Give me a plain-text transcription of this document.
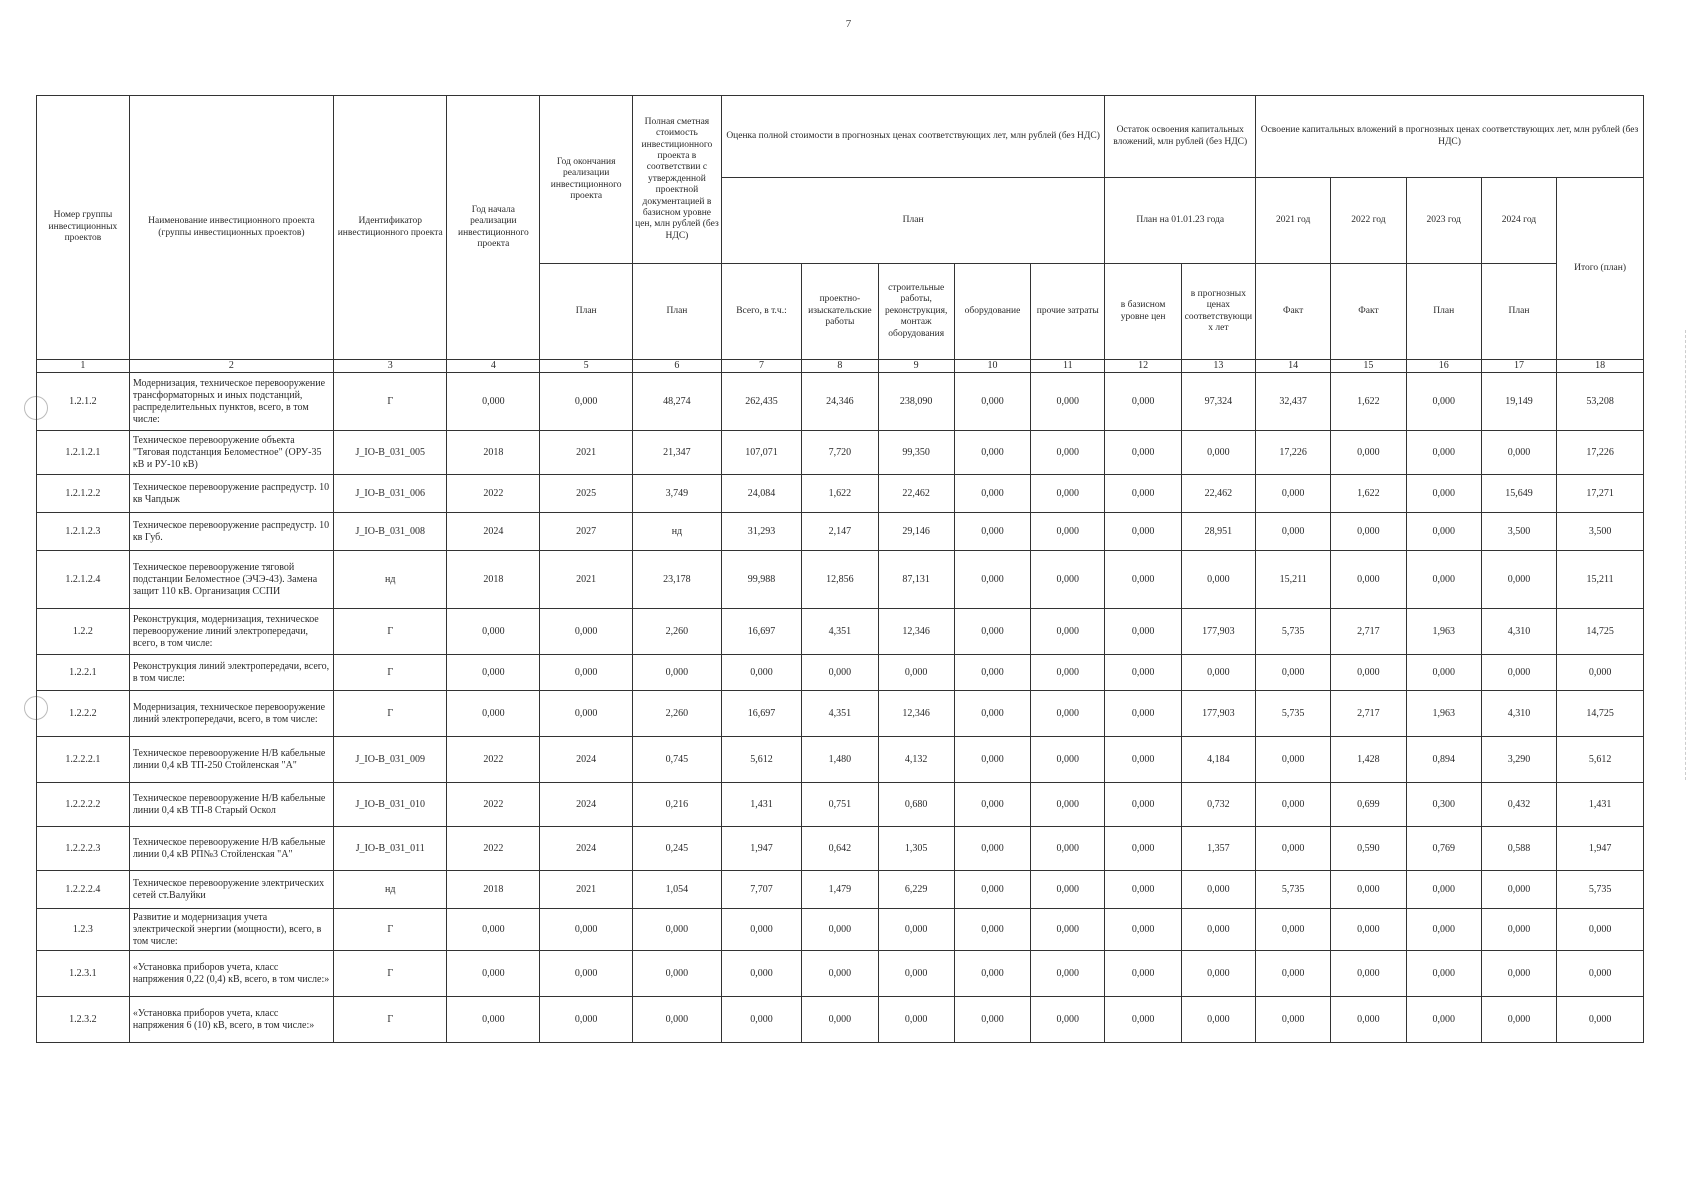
7
Номер группы инвестиционных проектов	Наименование инвестиционного проекта (группы инвестиционных проектов)	Идентификатор инвестиционного проекта	Год начала реализации инвестиционного проекта	Год окончания реализации инвестиционного проекта	Полная сметная стоимость инвестиционного проекта в соответствии с утвержденной проектной документацией в базисном уровне цен, млн рублей (без НДС)	Оценка полной стоимости в прогнозных ценах соответствующих лет, млн рублей (без НДС)					Остаток освоения капитальных вложений, млн рублей (без НДС)		Освоение капитальных вложений в прогнозных ценах соответствующих лет, млн рублей (без НДС)				
						План					План на 01.01.23 года		2021 год	2022 год	2023 год	2024 год	Итого (план)
				План	План	Всего, в т.ч.:	проектно-изыскательские работы	строительные работы, реконструкция, монтаж оборудования	оборудование	прочие затраты	в базисном уровне цен	в прогнозных ценах соответствующих лет	Факт	Факт	План	План	
1	2	3	4	5	6	7	8	9	10	11	12	13	14	15	16	17	18
1.2.1.2	Модернизация, техническое перевооружение трансформаторных и иных подстанций, распределительных пунктов, всего, в том числе:	Г	0,000	0,000	48,274	262,435	24,346	238,090	0,000	0,000	0,000	97,324	32,437	1,622	0,000	19,149	53,208
1.2.1.2.1	Техническое перевооружение объекта "Тяговая подстанция Беломестное" (ОРУ-35 кВ и РУ-10 кВ)	J_IO-B_031_005	2018	2021	21,347	107,071	7,720	99,350	0,000	0,000	0,000	0,000	17,226	0,000	0,000	0,000	17,226
1.2.1.2.2	Техническое перевооружение распредустр. 10 кв Чапдыж	J_IO-B_031_006	2022	2025	3,749	24,084	1,622	22,462	0,000	0,000	0,000	22,462	0,000	1,622	0,000	15,649	17,271
1.2.1.2.3	Техническое перевооружение распредустр. 10 кв Губ.	J_IO-B_031_008	2024	2027	нд	31,293	2,147	29,146	0,000	0,000	0,000	28,951	0,000	0,000	0,000	3,500	3,500
1.2.1.2.4	Техническое перевооружение тяговой подстанции Беломестное (ЭЧЭ-43). Замена защит 110 кВ. Организация ССПИ	нд	2018	2021	23,178	99,988	12,856	87,131	0,000	0,000	0,000	0,000	15,211	0,000	0,000	0,000	15,211
1.2.2	Реконструкция, модернизация, техническое перевооружение линий электропередачи, всего, в том числе:	Г	0,000	0,000	2,260	16,697	4,351	12,346	0,000	0,000	0,000	177,903	5,735	2,717	1,963	4,310	14,725
1.2.2.1	Реконструкция линий электропередачи, всего, в том числе:	Г	0,000	0,000	0,000	0,000	0,000	0,000	0,000	0,000	0,000	0,000	0,000	0,000	0,000	0,000	0,000
1.2.2.2	Модернизация, техническое перевооружение линий электропередачи, всего, в том числе:	Г	0,000	0,000	2,260	16,697	4,351	12,346	0,000	0,000	0,000	177,903	5,735	2,717	1,963	4,310	14,725
1.2.2.2.1	Техническое перевооружение Н/В кабельные линии 0,4 кВ ТП-250 Стойленская "А"	J_IO-B_031_009	2022	2024	0,745	5,612	1,480	4,132	0,000	0,000	0,000	4,184	0,000	1,428	0,894	3,290	5,612
1.2.2.2.2	Техническое перевооружение Н/В кабельные линии 0,4 кВ ТП-8 Старый Оскол	J_IO-B_031_010	2022	2024	0,216	1,431	0,751	0,680	0,000	0,000	0,000	0,732	0,000	0,699	0,300	0,432	1,431
1.2.2.2.3	Техническое перевооружение Н/В кабельные линии 0,4 кВ РП№3 Стойленская "А"	J_IO-B_031_011	2022	2024	0,245	1,947	0,642	1,305	0,000	0,000	0,000	1,357	0,000	0,590	0,769	0,588	1,947
1.2.2.2.4	Техническое перевооружение электрических сетей ст.Валуйки	нд	2018	2021	1,054	7,707	1,479	6,229	0,000	0,000	0,000	0,000	5,735	0,000	0,000	0,000	5,735
1.2.3	Развитие и модернизация учета электрической энергии (мощности), всего, в том числе:	Г	0,000	0,000	0,000	0,000	0,000	0,000	0,000	0,000	0,000	0,000	0,000	0,000	0,000	0,000	0,000
1.2.3.1	«Установка приборов учета, класс напряжения 0,22 (0,4) кВ, всего, в том числе:»	Г	0,000	0,000	0,000	0,000	0,000	0,000	0,000	0,000	0,000	0,000	0,000	0,000	0,000	0,000	0,000
1.2.3.2	«Установка приборов учета, класс напряжения 6 (10) кВ, всего, в том числе:»	Г	0,000	0,000	0,000	0,000	0,000	0,000	0,000	0,000	0,000	0,000	0,000	0,000	0,000	0,000	0,000
